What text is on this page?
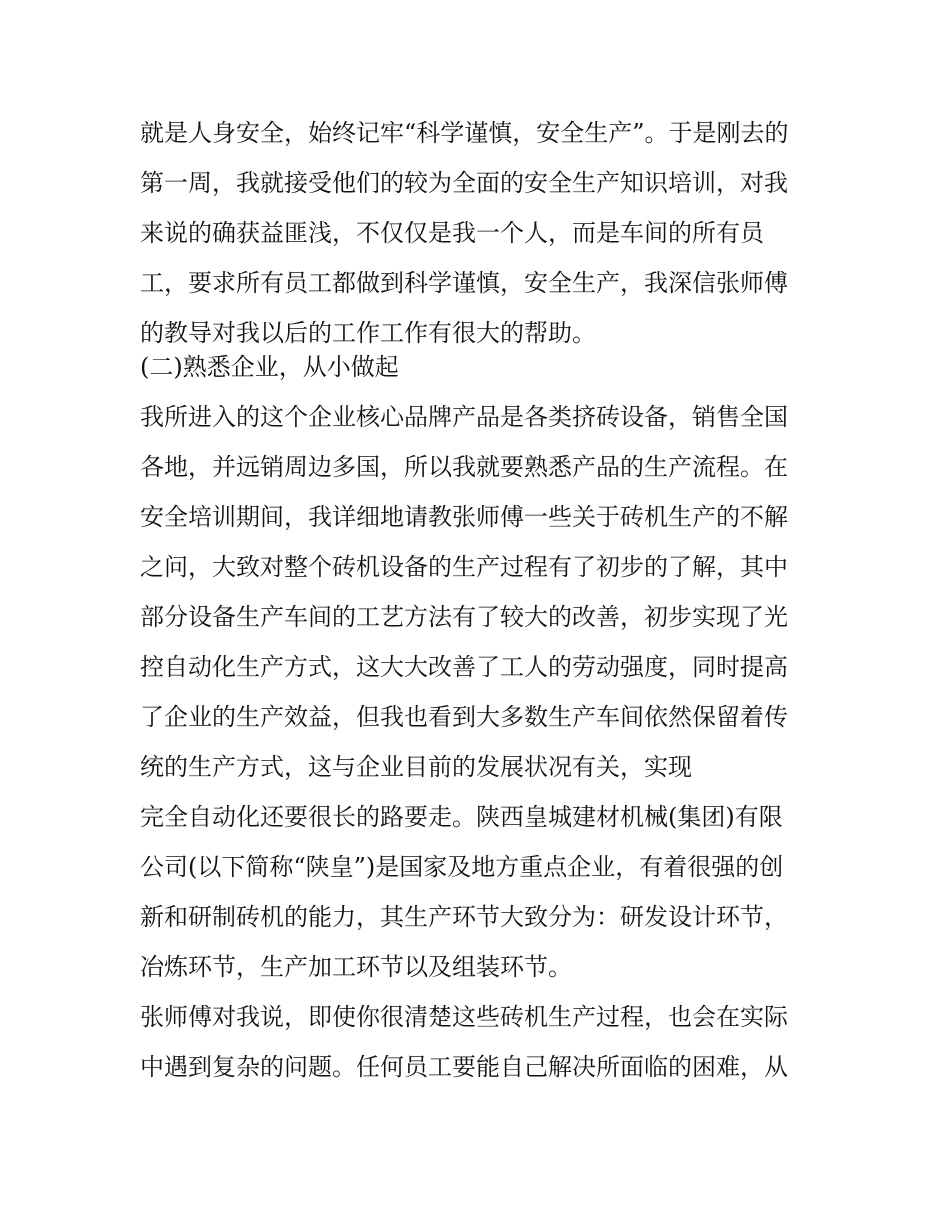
就是人身安全，始终记牢“科学谨慎，安全生产”。于是刚去的
第一周，我就接受他们的较为全面的安全生产知识培训，对我
来说的确获益匪浅，不仅仅是我一个人，而是车间的所有员
工，要求所有员工都做到科学谨慎，安全生产，我深信张师傅
的教导对我以后的工作工作有很大的帮助。
(二)熟悉企业，从小做起
我所进入的这个企业核心品牌产品是各类挤砖设备，销售全国
各地，并远销周边多国，所以我就要熟悉产品的生产流程。在
安全培训期间，我详细地请教张师傅一些关于砖机生产的不解
之问，大致对整个砖机设备的生产过程有了初步的了解，其中
部分设备生产车间的工艺方法有了较大的改善，初步实现了光
控自动化生产方式，这大大改善了工人的劳动强度，同时提高
了企业的生产效益，但我也看到大多数生产车间依然保留着传
统的生产方式，这与企业目前的发展状况有关，实现
完全自动化还要很长的路要走。陕西皇城建材机械(集团)有限
公司(以下简称“陕皇”)是国家及地方重点企业，有着很强的创
新和研制砖机的能力，其生产环节大致分为：研发设计环节，
冶炼环节，生产加工环节以及组装环节。
张师傅对我说，即使你很清楚这些砖机生产过程，也会在实际
中遇到复杂的问题。任何员工要能自己解决所面临的困难，从
